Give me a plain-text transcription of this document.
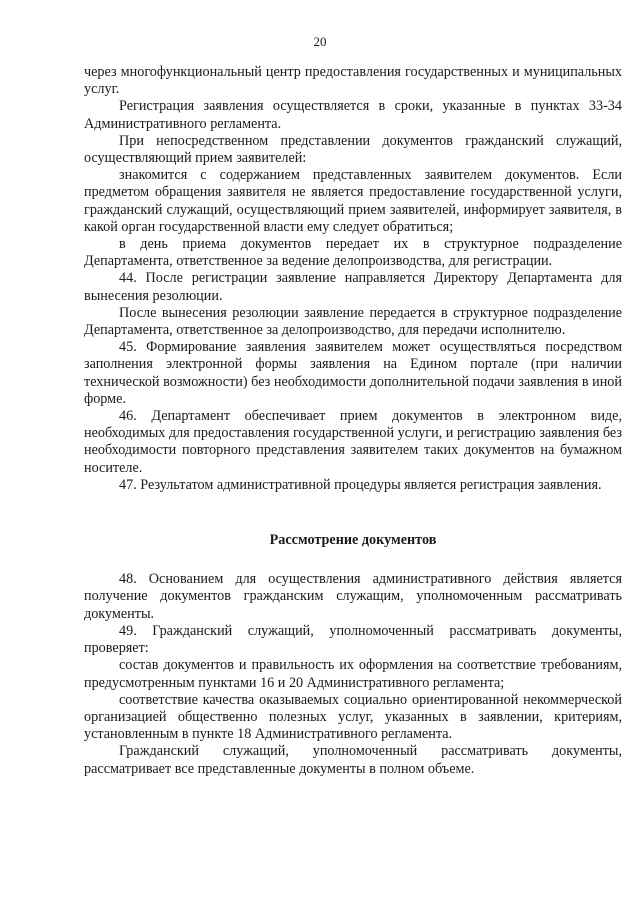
20

через многофункциональный центр предоставления государственных и муниципальных услуг.

Регистрация заявления осуществляется в сроки, указанные в пунктах 33-34 Административного регламента.

При непосредственном представлении документов гражданский служащий, осуществляющий прием заявителей:

знакомится с содержанием представленных заявителем документов. Если предметом обращения заявителя не является предоставление государственной услуги, гражданский служащий, осуществляющий прием заявителей, информирует заявителя, в какой орган государственной власти ему следует обратиться;

в день приема документов передает их в структурное подразделение Департамента, ответственное за ведение делопроизводства, для регистрации.

44. После регистрации заявление направляется Директору Департамента для вынесения резолюции.

После вынесения резолюции заявление передается в структурное подразделение Департамента, ответственное за делопроизводство, для передачи исполнителю.

45. Формирование заявления заявителем может осуществляться посредством заполнения электронной формы заявления на Едином портале (при наличии технической возможности) без необходимости дополнительной подачи заявления в иной форме.

46. Департамент обеспечивает прием документов в электронном виде, необходимых для предоставления государственной услуги, и регистрацию заявления без необходимости повторного представления заявителем таких документов на бумажном носителе.

47. Результатом административной процедуры является регистрация заявления.

Рассмотрение документов

48. Основанием для осуществления административного действия является получение документов гражданским служащим, уполномоченным рассматривать документы.

49. Гражданский служащий, уполномоченный рассматривать документы, проверяет:

состав документов и правильность их оформления на соответствие требованиям, предусмотренным пунктами 16 и 20 Административного регламента;

соответствие качества оказываемых социально ориентированной некоммерческой организацией общественно полезных услуг, указанных в заявлении, критериям, установленным в пункте 18 Административного регламента.

Гражданский служащий, уполномоченный рассматривать документы, рассматривает все представленные документы в полном объеме.
